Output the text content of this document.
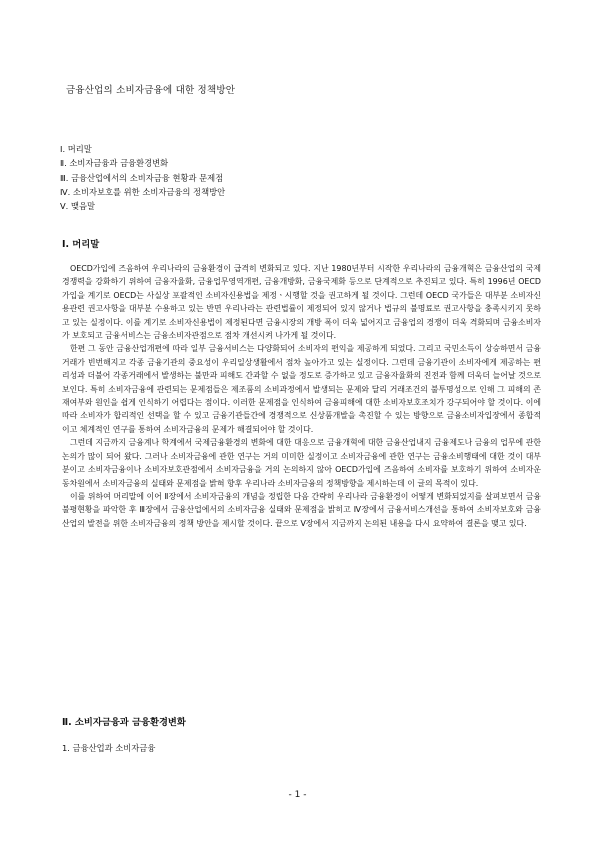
금융산업의 소비자금융에 대한 정책방안
Ⅰ. 머리말
Ⅱ. 소비자금융과 금융환경변화
Ⅲ. 금융산업에서의 소비자금융 현황과 문제점
Ⅳ. 소비자보호를 위한 소비자금융의 정책방안
Ⅴ. 맺음말
Ⅰ. 머리말

OECD가입에 즈음하여 우리나라의 금융환경이 급격히 변화되고 있다. 지난 1980년부터 시작한 우리나라의 금융개혁은 금융산업의 국제경쟁력을 강화하기 위하여 금융자율화, 금융업무영역개편, 금융개방화, 금융국제화 등으로 단계적으로 추진되고 있다. 특히 1996년 OECD가입을 계기로 OECD는 사실상 포괄적인 소비자신용법을 제정ㆍ시행할 것을 권고하게 될 것이다. 그런데 OECD 국가들은 대부분 소비자신용관련 권고사항을 대부분 수용하고 있는 반면 우리나라는 관련법률이 제정되어 있지 않거나 법규의 불명료로 권고사항을 충족시키지 못하고 있는 실정이다. 이를 계기로 소비자신용법이 제정된다면 금융시장의 개방 폭이 더욱 넓어지고 금융업의 경쟁이 더욱 격화되며 금융소비자가 보호되고 금융서비스는 금융소비자관점으로 점차 개선시켜 나가게 될 것이다.

한편 그 동안 금융산업개편에 따라 일부 금융서비스는 다양화되어 소비자의 편익을 제공하게 되었다. 그리고 국민소득이 상승하면서 금융거래가 빈번해지고 각종 금융기관의 중요성이 우리일상생활에서 점차 높아가고 있는 실정이다. 그런데 금융기관이 소비자에게 제공하는 편리성과 더불어 각종거래에서 발생하는 불만과 피해도 간과할 수 없을 정도로 증가하고 있고 금융자율화의 진전과 함께 더욱더 늘어날 것으로 보인다. 특히 소비자금융에 관련되는 문제점들은 제조품의 소비과정에서 발생되는 문제와 달리 거래조건의 불투명성으로 인해 그 피해의 존재여부와 원인을 쉽게 인식하기 어렵다는 점이다. 이러한 문제점을 인식하여 금융피해에 대한 소비자보호조치가 강구되어야 할 것이다. 이에 따라 소비자가 합리적인 선택을 할 수 있고 금융기관들간에 경쟁적으로 신상품개발을 촉진할 수 있는 방향으로 금융소비자입장에서 종합적이고 체계적인 연구를 통하여 소비자금융의 문제가 해결되어야 할 것이다.

그런데 지금까지 금융계나 학계에서 국제금융환경의 변화에 대한 대응으로 금융개혁에 대한 금융산업내지 금융제도나 금융의 업무에 관한 논의가 많이 되어 왔다. 그러나 소비자금융에 관한 연구는 거의 미미한 실정이고 소비자금융에 관한 연구는 금융소비행태에 대한 것이 대부분이고 소비자금융이나 소비자보호관점에서 소비자금융을 거의 논의하지 않아 OECD가입에 즈음하여 소비자를 보호하기 위하여 소비자운동차원에서 소비자금융의 실태와 문제점을 밝혀 향후 우리나라 소비자금융의 정책방향을 제시하는데 이 글의 목적이 있다.

이를 위하여 머리말에 이어 Ⅱ장에서 소비자금융의 개념을 정립한 다음 간략히 우리나라 금융환경이 어떻게 변화되었지를 살펴보면서 금융불평현황을 파악한 후 Ⅲ장에서 금융산업에서의 소비자금융 실태와 문제점을 밝히고 Ⅳ장에서 금융서비스개선을 통하여 소비자보호와 금융산업의 발전을 위한 소비자금융의 정책 방안을 제시할 것이다. 끝으로 Ⅴ장에서 지금까지 논의된 내용을 다시 요약하여 결론을 맺고 있다.

Ⅱ. 소비자금융과 금융환경변화
1. 금융산업과 소비자금융
- 1 -
